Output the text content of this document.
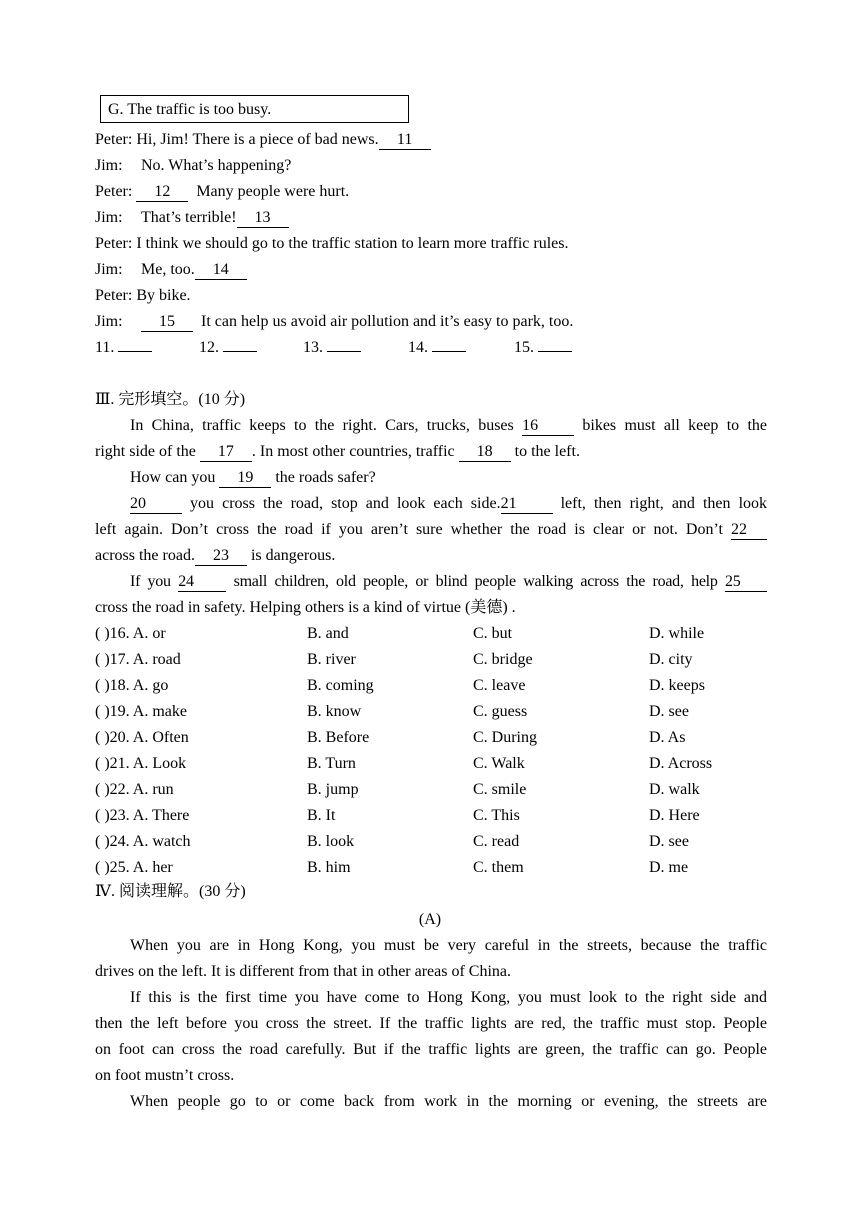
G. The traffic is too busy.
Peter: Hi, Jim! There is a piece of bad news. 11
Jim: No. What’s happening?
Peter: 12 Many people were hurt.
Jim: That’s terrible! 13
Peter: I think we should go to the traffic station to learn more traffic rules.
Jim: Me, too. 14
Peter: By bike.
Jim: 15 It can help us avoid air pollution and it’s easy to park, too.
11.	12.	13.	14.	15.
Ⅲ. 完形填空。(10 分)
In China, traffic keeps to the right. Cars, trucks, buses 16	bikes must all keep to the
right side of the 17 . In most other countries, traffic 18 to the left.
How can you 19 the roads safer?
20	you cross the road, stop and look each side.21	left, then right, and then look
left again. Don’t cross the road if you aren’t sure whether the road is clear or not. Don’t 22
across the road. 23 is dangerous.
If you 24 small children, old people, or blind people walking across the road, help 25
cross the road in safety. Helping others is a kind of virtue (美德) .
( )16. A. or	B. and	C. but	D. while
( )17. A. road	B. river	C. bridge	D. city
( )18. A. go	B. coming	C. leave	D. keeps
( )19. A. make	B. know	C. guess	D. see
( )20. A. Often	B. Before	C. During	D. As
( )21. A. Look	B. Turn	C. Walk	D. Across
( )22. A. run	B. jump	C. smile	D. walk
( )23. A. There	B. It	C. This	D. Here
( )24. A. watch	B. look	C. read	D. see
( )25. A. her	B. him	C. them	D. me
Ⅳ. 阅读理解。(30 分)
(A)
When you are in Hong Kong, you must be very careful in the streets, because the traffic
drives on the left. It is different from that in other areas of China.
If this is the first time you have come to Hong Kong, you must look to the right side and
then the left before you cross the street. If the traffic lights are red, the traffic must stop. People
on foot can cross the road carefully. But if the traffic lights are green, the traffic can go. People
on foot mustn’t cross.
When people go to or come back from work in the morning or evening, the streets are
